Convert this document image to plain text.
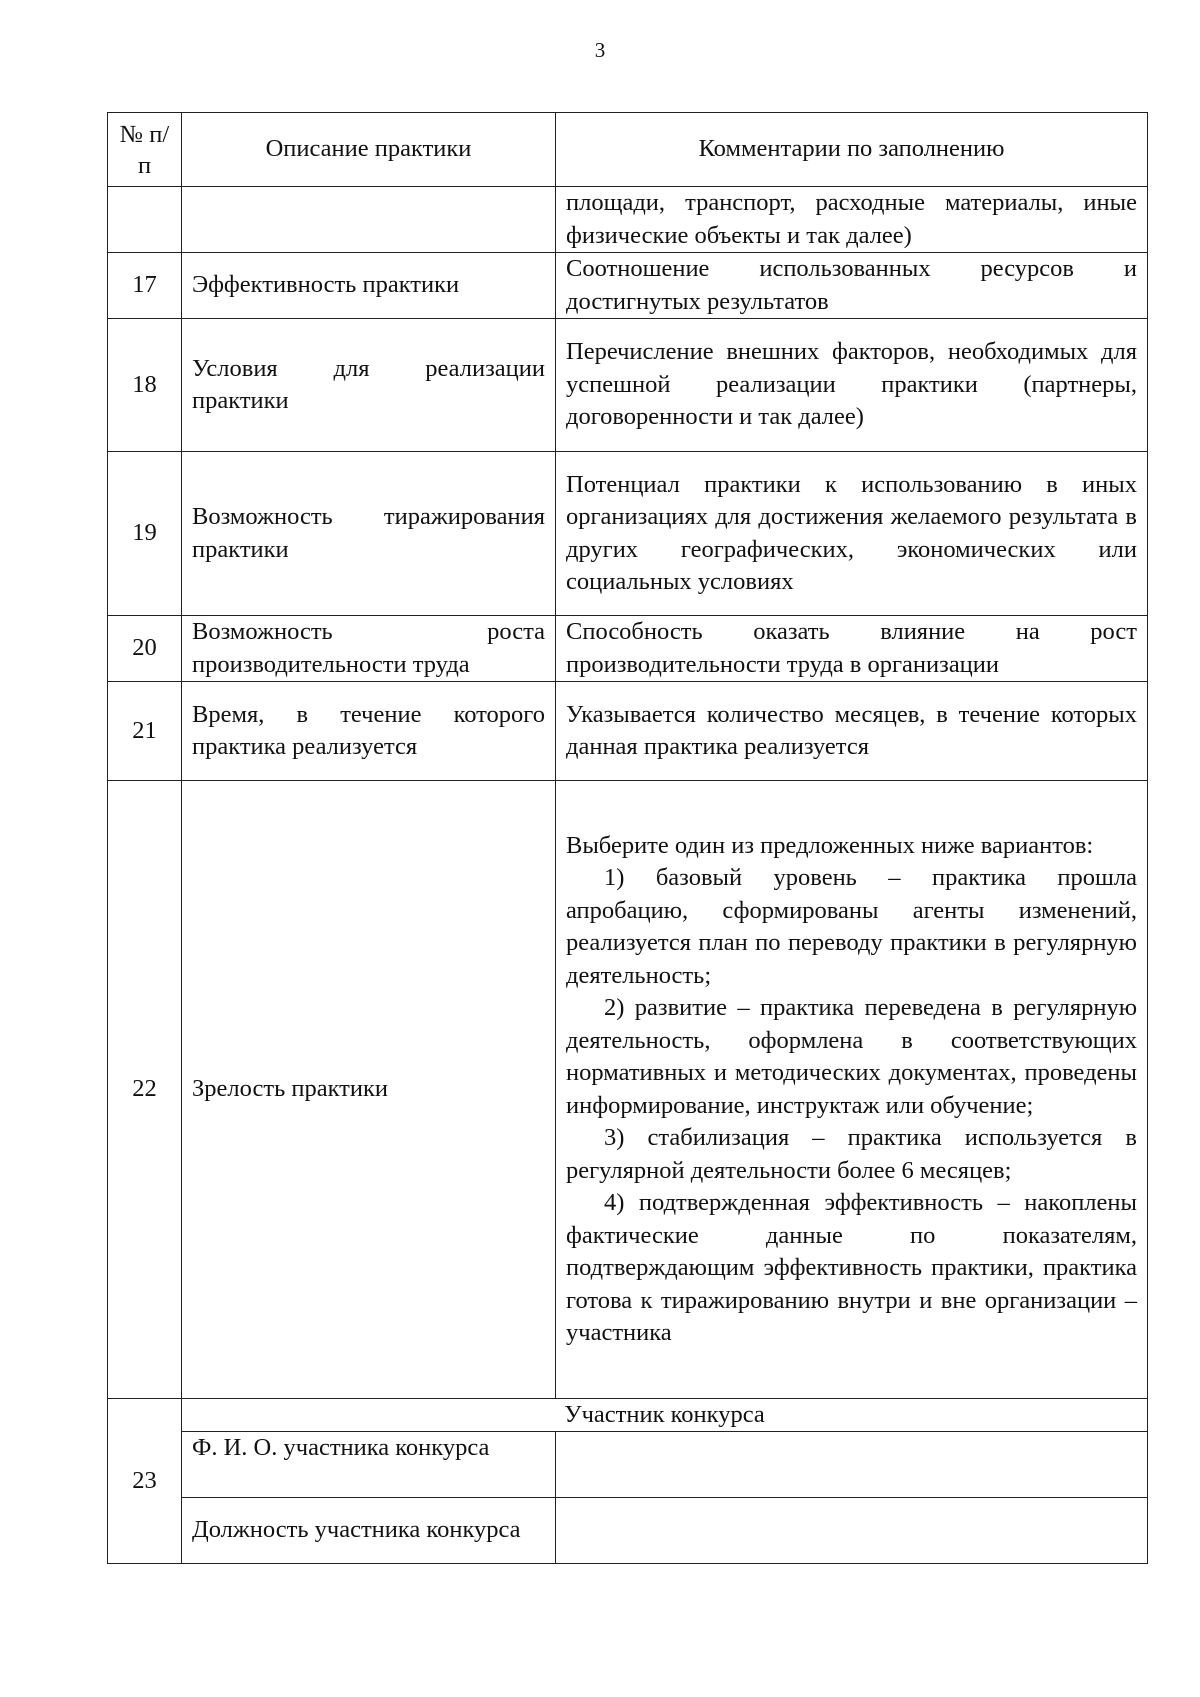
3
№ п/п	Описание практики	Комментарии по заполнению

		площади, транспорт, расходные материалы, иные физические объекты и так далее)

17	Эффективность практики	Соотношение использованных ресурсов и достигнутых результатов

18	Условия для реализации практики	Перечисление внешних факторов, необходимых для успешной реализации практики (партнеры, договоренности и так далее)

19	Возможность тиражирования практики	Потенциал практики к использованию в иных организациях для достижения желаемого результата в других географических, экономических или социальных условиях

20	Возможность роста производительности труда	Способность оказать влияние на рост производительности труда в организации

21	Время, в течение которого практика реализуется	Указывается количество месяцев, в течение которых данная практика реализуется

22	Зрелость практики	Выберите один из предложенных ниже вариантов:
1) базовый уровень – практика прошла апробацию, сформированы агенты изменений, реализуется план по переводу практики в регулярную деятельность;
2) развитие – практика переведена в регулярную деятельность, оформлена в соответствующих нормативных и методических документах, проведены информирование, инструктаж или обучение;
3) стабилизация – практика используется в регулярной деятельности более 6 месяцев;
4) подтвержденная эффективность – накоплены фактические данные по показателям, подтверждающим эффективность практики, практика готова к тиражированию внутри и вне организации – участника

23	Участник конкурса	
	Ф. И. О. участника конкурса	
	Должность участника конкурса	
